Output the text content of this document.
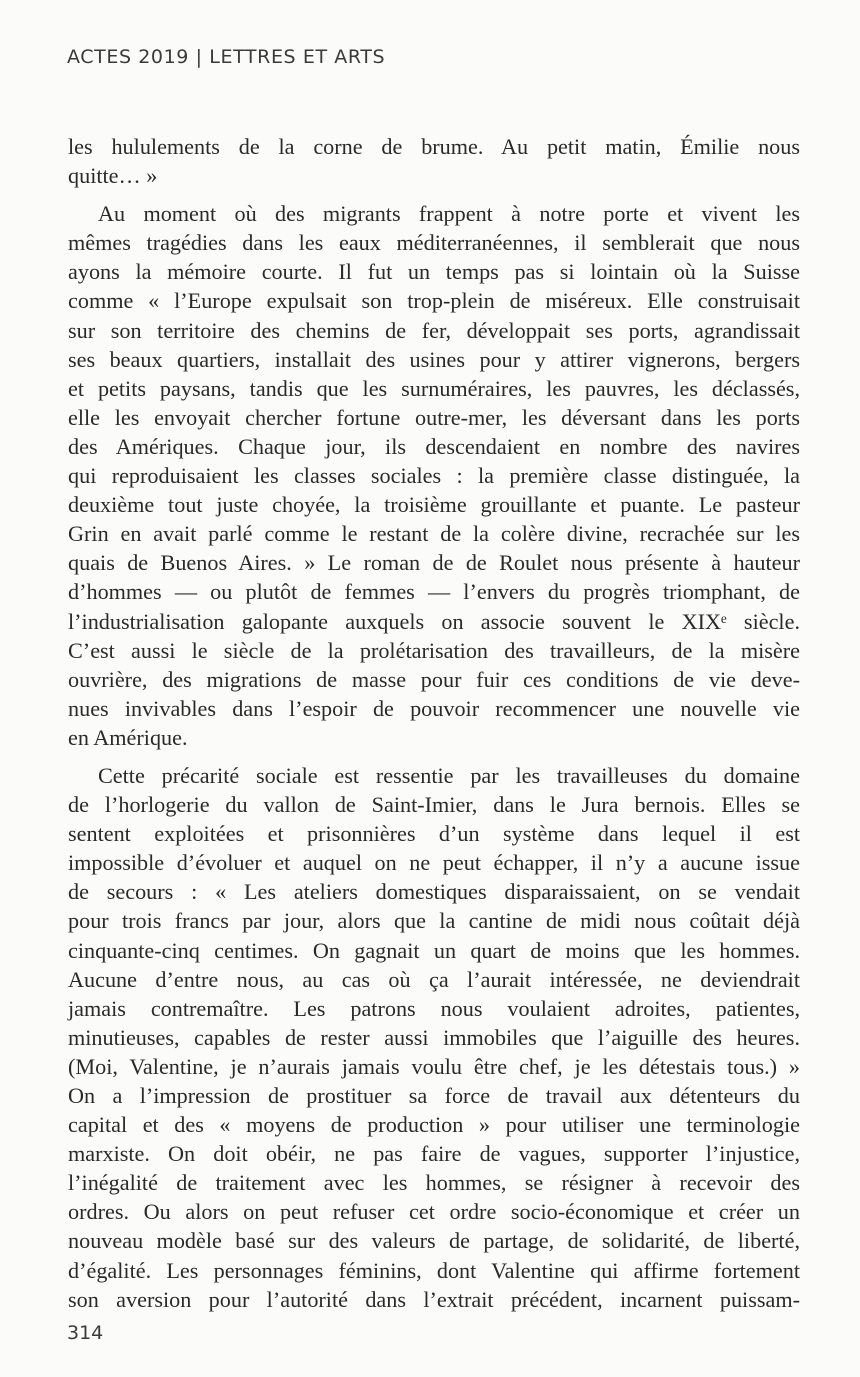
ACTES 2019 | LETTRES ET ARTS

les hululements de la corne de brume. Au petit matin, Émilie nous
quitte… »

Au moment où des migrants frappent à notre porte et vivent les
mêmes tragédies dans les eaux méditerranéennes, il semblerait que nous
ayons la mémoire courte. Il fut un temps pas si lointain où la Suisse
comme « l’Europe expulsait son trop-plein de miséreux. Elle construisait
sur son territoire des chemins de fer, développait ses ports, agrandissait
ses beaux quartiers, installait des usines pour y attirer vignerons, bergers
et petits paysans, tandis que les surnuméraires, les pauvres, les déclassés,
elle les envoyait chercher fortune outre-mer, les déversant dans les ports
des Amériques. Chaque jour, ils descendaient en nombre des navires
qui reproduisaient les classes sociales : la première classe distinguée, la
deuxième tout juste choyée, la troisième grouillante et puante. Le pasteur
Grin en avait parlé comme le restant de la colère divine, recrachée sur les
quais de Buenos Aires. » Le roman de de Roulet nous présente à hauteur
d’hommes — ou plutôt de femmes — l’envers du progrès triomphant, de
l’industrialisation galopante auxquels on associe souvent le XIXᵉ siècle.
C’est aussi le siècle de la prolétarisation des travailleurs, de la misère
ouvrière, des migrations de masse pour fuir ces conditions de vie deve-
nues invivables dans l’espoir de pouvoir recommencer une nouvelle vie
en Amérique.

Cette précarité sociale est ressentie par les travailleuses du domaine
de l’horlogerie du vallon de Saint-Imier, dans le Jura bernois. Elles se
sentent exploitées et prisonnières d’un système dans lequel il est
impossible d’évoluer et auquel on ne peut échapper, il n’y a aucune issue
de secours : « Les ateliers domestiques disparaissaient, on se vendait
pour trois francs par jour, alors que la cantine de midi nous coûtait déjà
cinquante-cinq centimes. On gagnait un quart de moins que les hommes.
Aucune d’entre nous, au cas où ça l’aurait intéressée, ne deviendrait
jamais contremaître. Les patrons nous voulaient adroites, patientes,
minutieuses, capables de rester aussi immobiles que l’aiguille des heures.
(Moi, Valentine, je n’aurais jamais voulu être chef, je les détestais tous.) »
On a l’impression de prostituer sa force de travail aux détenteurs du
capital et des « moyens de production » pour utiliser une terminologie
marxiste. On doit obéir, ne pas faire de vagues, supporter l’injustice,
l’inégalité de traitement avec les hommes, se résigner à recevoir des
ordres. Ou alors on peut refuser cet ordre socio-économique et créer un
nouveau modèle basé sur des valeurs de partage, de solidarité, de liberté,
d’égalité. Les personnages féminins, dont Valentine qui affirme fortement
son aversion pour l’autorité dans l’extrait précédent, incarnent puissam-

314
